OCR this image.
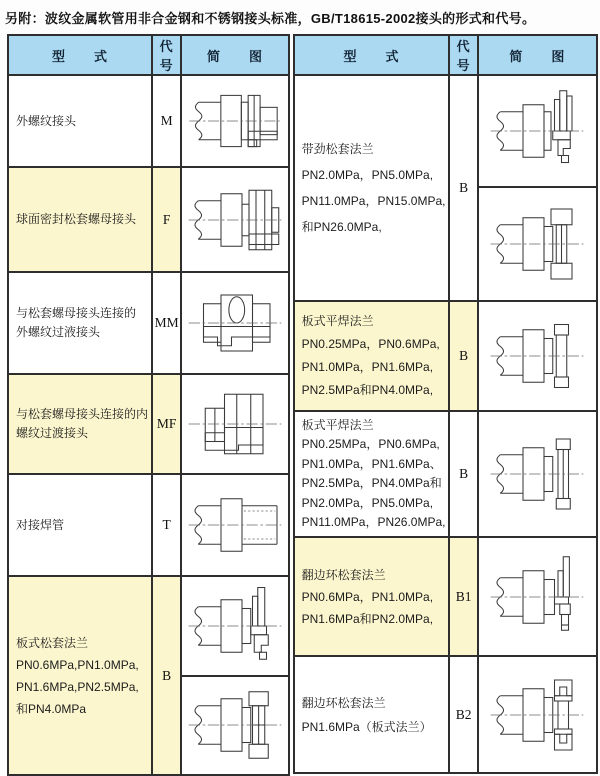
另附：波纹金属软管用非合金钢和不锈钢接头标准，GB/T18615-2002接头的形式和代号。
型　　式	代号	简　　图

外螺纹接头	M	

球面密封松套螺母接头	F	

与松套螺母接头连接的
外螺纹过液接头	MM	

与松套螺母接头连接的内
螺纹过渡接头	MF	

对接焊管	T	

板式松套法兰
PN0.6MPa,PN1.0MPa,
PN1.6MPa,PN2.5MPa,
和PN4.0MPa	B	
型　　式	代号	简　　图

带劲松套法兰
PN2.0MPa，PN5.0MPa,
PN11.0MPa，PN15.0MPa,
和PN26.0MPa,	B	

板式平焊法兰
PN0.25MPa，PN0.6MPa,
PN1.0MPa，PN1.6MPa,
PN2.5MPa和PN4.0MPa,	B	

板式平焊法兰
PN0.25MPa，PN0.6MPa,
PN1.0MPa，PN1.6MPa、
PN2.5MPa，PN4.0MPa和
PN2.0MPa，PN5.0MPa,
PN11.0MPa，PN26.0MPa,
	B	

翻边环松套法兰
PN0.6MPa，PN1.0MPa,
PN1.6MPa和PN2.0MPa,	B1	

翻边环松套法兰
PN1.6MPa（板式法兰）	B2	
